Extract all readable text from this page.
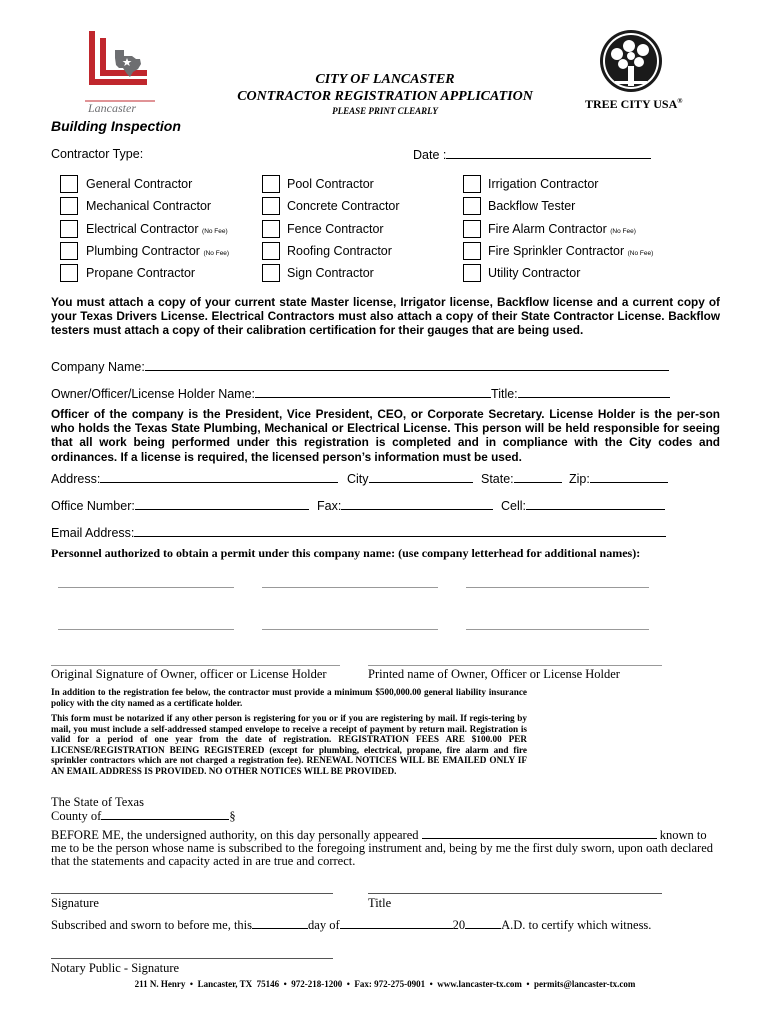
Lancaster
Building Inspection
CITY OF LANCASTER
CONTRACTOR REGISTRATION APPLICATION
PLEASE PRINT CLEARLY	TREE CITY USA®
Contractor Type:	Date :
General Contractor
Mechanical Contractor
Electrical Contractor (No Fee)
Plumbing Contractor (No Fee)
Propane Contractor
Pool Contractor
Concrete Contractor
Fence Contractor
Roofing Contractor
Sign Contractor
Irrigation Contractor
Backflow Tester
Fire Alarm Contractor (No Fee)
Fire Sprinkler Contractor (No Fee)
Utility Contractor
You must attach a copy of your current state Master license, Irrigator license, Backflow license and a current copy of your Texas Drivers License. Electrical Contractors must also attach a copy of their State Contractor License. Backflow testers must attach a copy of their calibration certification for their gauges that are being used.
Company Name:
Owner/Officer/License Holder Name:	Title:
Officer of the company is the President, Vice President, CEO, or Corporate Secretary. License Holder is the per-son who holds the Texas State Plumbing, Mechanical or Electrical License. This person will be held responsible for seeing that all work being performed under this registration is completed and in compliance with the City codes and ordinances. If a license is required, the licensed person’s information must be used.
Address:	City	State:	Zip:
Office Number:	Fax:	Cell:
Email Address:
Personnel authorized to obtain a permit under this company name: (use company letterhead for additional names):
Original Signature of Owner, officer or License Holder	Printed name of Owner, Officer or License Holder
In addition to the registration fee below, the contractor must provide a minimum $500,000.00 general liability insurance policy with the city named as a certificate holder.
This form must be notarized if any other person is registering for you or if you are registering by mail. If regis-tering by mail, you must include a self-addressed stamped envelope to receive a receipt of payment by return mail. Registration is valid for a period of one year from the date of registration. REGISTRATION FEES ARE $100.00 PER LICENSE/REGISTRATION BEING REGISTERED (except for plumbing, electrical, propane, fire alarm and fire sprinkler contractors which are not charged a registration fee). RENEWAL NOTICES WILL BE EMAILED ONLY IF AN EMAIL ADDRESS IS PROVIDED. NO OTHER NOTICES WILL BE PROVIDED.
The State of Texas
County of	§
BEFORE ME, the undersigned authority, on this day personally appeared	known to
me to be the person whose name is subscribed to the foregoing instrument and, being by me the first duly sworn, upon oath declared
that the statements and capacity acted in are true and correct.
Signature	Title
Subscribed and sworn to before me, this	day of	20	A.D. to certify which witness.
Notary Public - Signature
211 N. Henry  •  Lancaster, TX  75146  •  972-218-1200  •  Fax: 972-275-0901  •  www.lancaster-tx.com  •  permits@lancaster-tx.com
